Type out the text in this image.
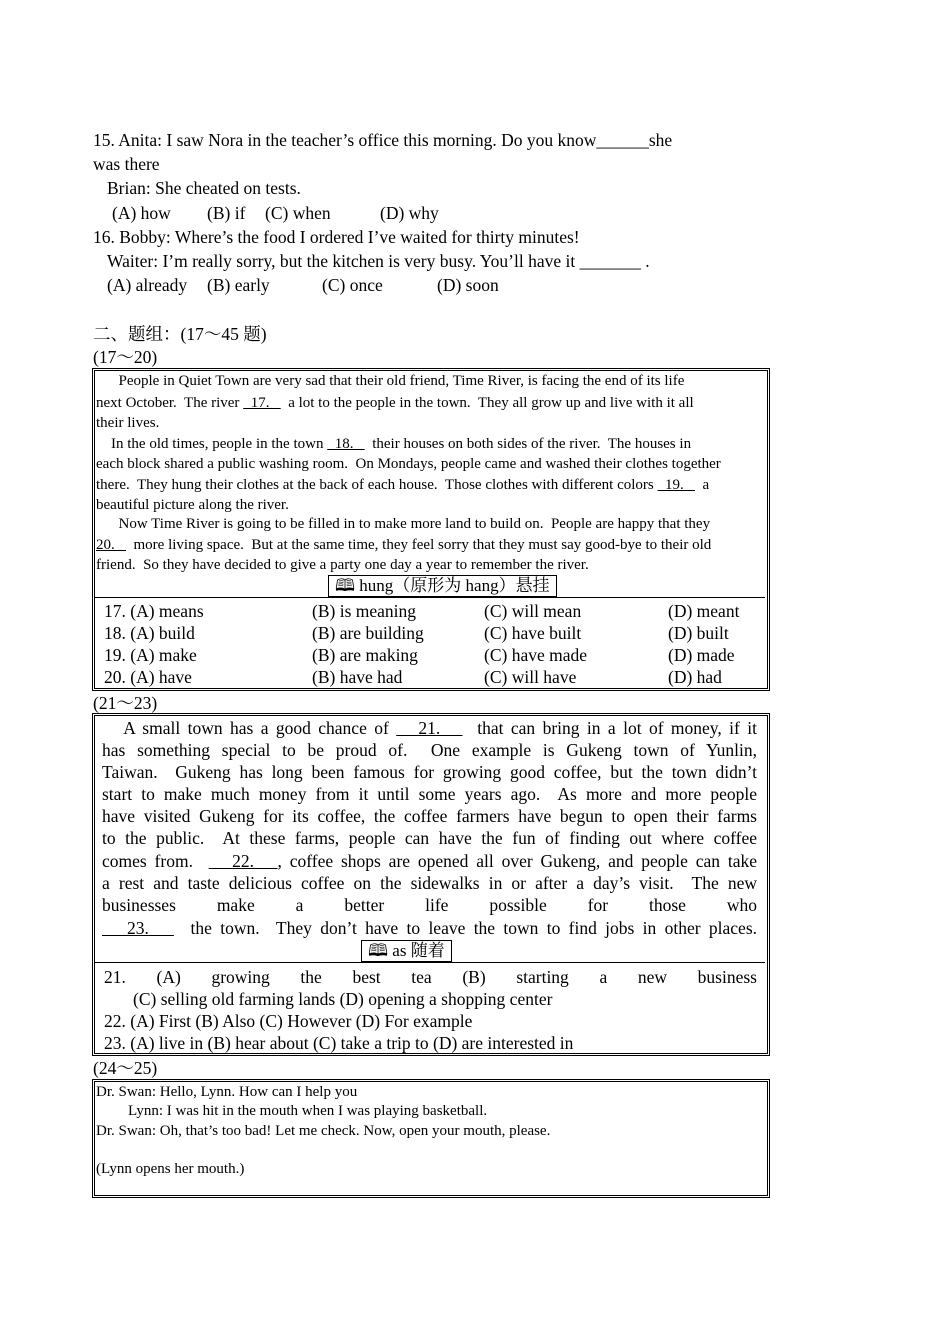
15. Anita: I saw Nora in the teacher’s office this morning. Do you know______she
was there
Brian: She cheated on tests.
(A) how (B) if (C) when	(D) why
16. Bobby: Where’s the food I ordered I’ve waited for thirty minutes!
Waiter: I’m really sorry, but the kitchen is very busy. You’ll have it _______ .
(A) already (B) early	(C) once	(D) soon
二、题组：(17～45 题)
(17～20)
People in Quiet Town are very sad that their old friend, Time River, is facing the end of its life
next October.  The river   17.     a lot to the people in the town.  They all grow up and live with it all
their lives.
In the old times, people in the town   18.     their houses on both sides of the river.  The houses in
each block shared a public washing room.  On Mondays, people came and washed their clothes together
there.  They hung their clothes at the back of each house.  Those clothes with different colors   19.     a
beautiful picture along the river.
Now Time River is going to be filled in to make more land to build on.  People are happy that they
20.     more living space.  But at the same time, they feel sorry that they must say good-bye to their old
friend.  So they have decided to give a party one day a year to remember the river.
🕮 hung（原形为 hang）悬挂
17. (A) means	(B) is meaning	(C) will mean	(D) meant
18. (A) build	(B) are building	(C) have built	(D) built
19. (A) make	(B) are making	(C) have made	(D) made
20. (A) have	(B) have had	(C) will have	(D) had
(21～23)
A small town has a good chance of    21.     that can bring in a lot of money, if it
has something special to be proud of.  One example is Gukeng town of Yunlin,
Taiwan.  Gukeng has long been famous for growing good coffee, but the town didn’t
start to make much money from it until some years ago.  As more and more people
have visited Gukeng for its coffee, the coffee farmers have begun to open their farms
to the public.  At these farms, people can have the fun of finding out where coffee
comes from.     22.   , coffee shops are opened all over Gukeng, and people can take
a rest and taste delicious coffee on the sidewalks in or after a day’s visit.  The new
businesses make a better life possible for those who
23.     the town.  They don’t have to leave the town to find jobs in other places.
🕮 as 随着
21. (A) growing the best tea (B) starting a new business
(C) selling old farming lands (D) opening a shopping center
22. (A) First (B) Also (C) However (D) For example
23. (A) live in (B) hear about (C) take a trip to (D) are interested in
(24～25)
Dr. Swan: Hello, Lynn. How can I help you
Lynn: I was hit in the mouth when I was playing basketball.
Dr. Swan: Oh, that’s too bad! Let me check. Now, open your mouth, please.
(Lynn opens her mouth.)
